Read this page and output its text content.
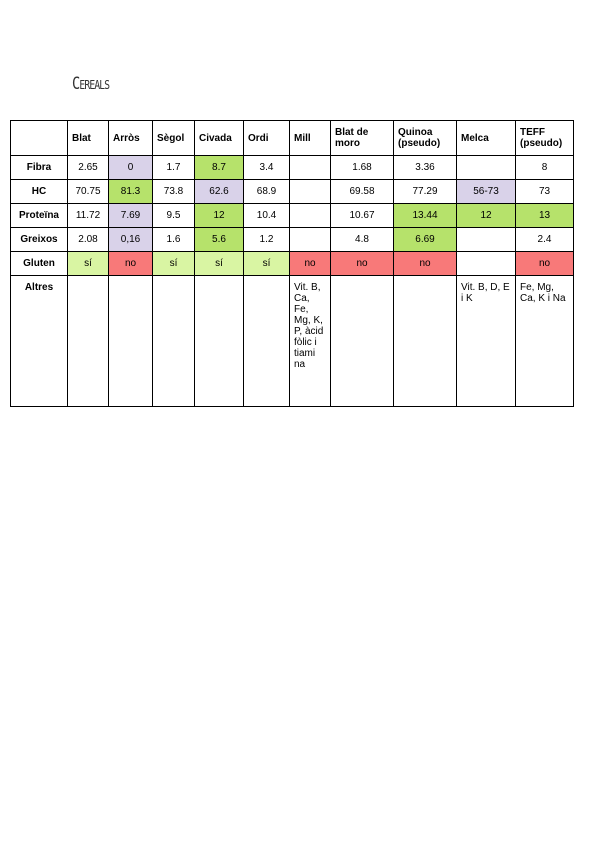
Cereals
	Blat	Arròs	Sègol	Civada	Ordi	Mill	Blat de moro	Quinoa (pseudo)	Melca	TEFF (pseudo)
Fibra	2.65	0	1.7	8.7	3.4		1.68	3.36		8
HC	70.75	81.3	73.8	62.6	68.9		69.58	77.29	56-73	73
Proteïna	11.72	7.69	9.5	12	10.4		10.67	13.44	12	13
Greixos	2.08	0,16	1.6	5.6	1.2		4.8	6.69		2.4
Gluten	sí	no	sí	sí	sí	no	no	no		no
Altres						Vit. B, Ca, Fe, Mg, K, P, àcid fòlic i tiami na			Vit. B, D, E i K	Fe, Mg, Ca, K i Na
